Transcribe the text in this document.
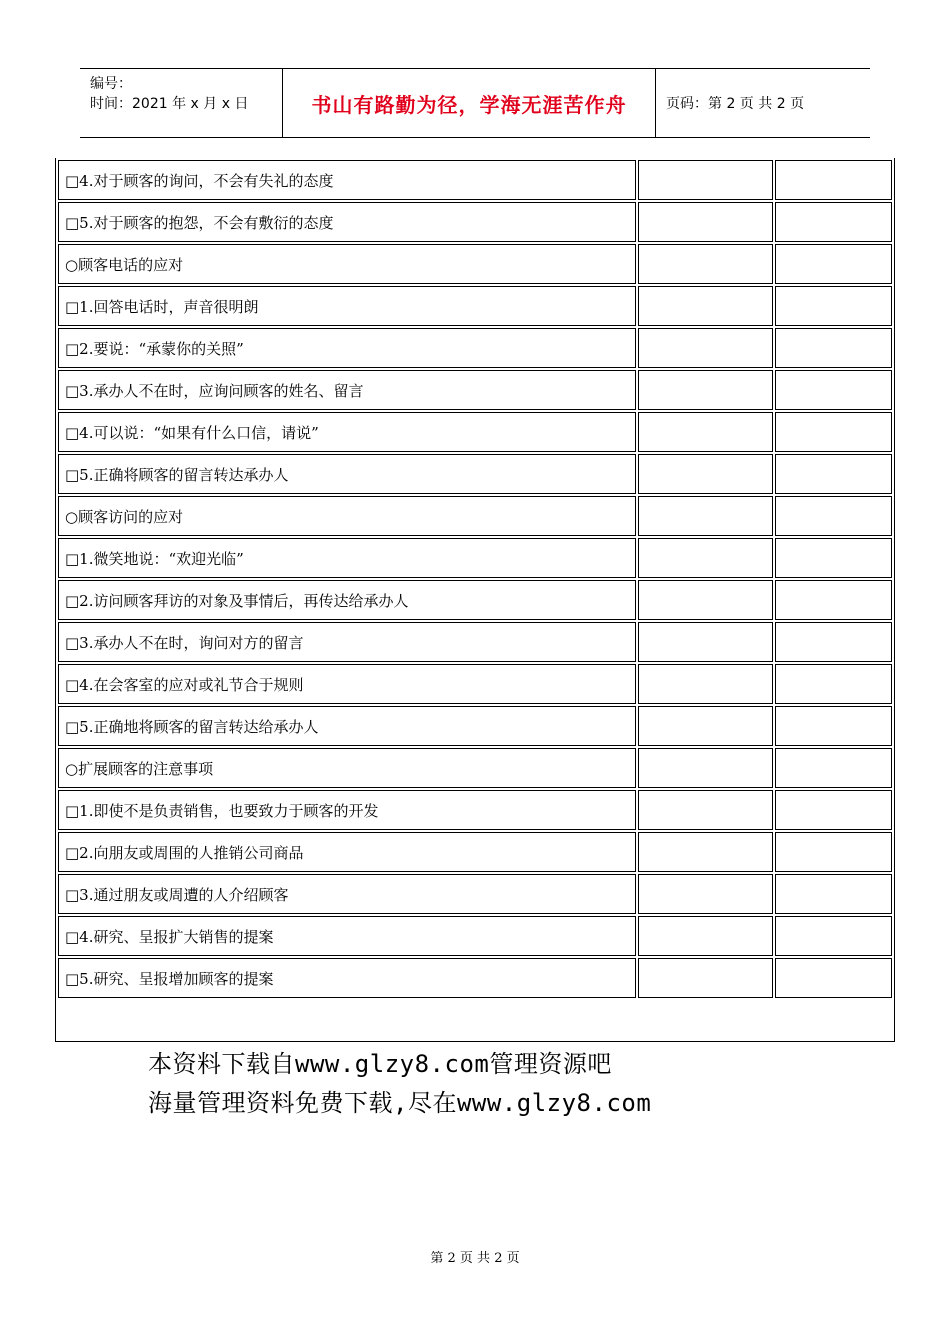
编号：
时间：2021 年 x 月 x 日	书山有路勤为径，学海无涯苦作舟	页码：第 2 页 共 2 页
□4.对于顾客的询问，不会有失礼的态度		
□5.对于顾客的抱怨，不会有敷衍的态度		
○顾客电话的应对		
□1.回答电话时，声音很明朗		
□2.要说：“承蒙你的关照”		
□3.承办人不在时，应询问顾客的姓名、留言		
□4.可以说：“如果有什么口信，请说”		
□5.正确将顾客的留言转达承办人		
○顾客访问的应对		
□1.微笑地说：“欢迎光临”		
□2.访问顾客拜访的对象及事情后，再传达给承办人		
□3.承办人不在时，询问对方的留言		
□4.在会客室的应对或礼节合于规则		
□5.正确地将顾客的留言转达给承办人		
○扩展顾客的注意事项		
□1.即使不是负责销售，也要致力于顾客的开发		
□2.向朋友或周围的人推销公司商品		
□3.通过朋友或周遭的人介绍顾客		
□4.研究、呈报扩大销售的提案		
□5.研究、呈报增加顾客的提案		
本资料下载自www.glzy8.com管理资源吧
海量管理资料免费下载,尽在www.glzy8.com
第 2 页 共 2 页
